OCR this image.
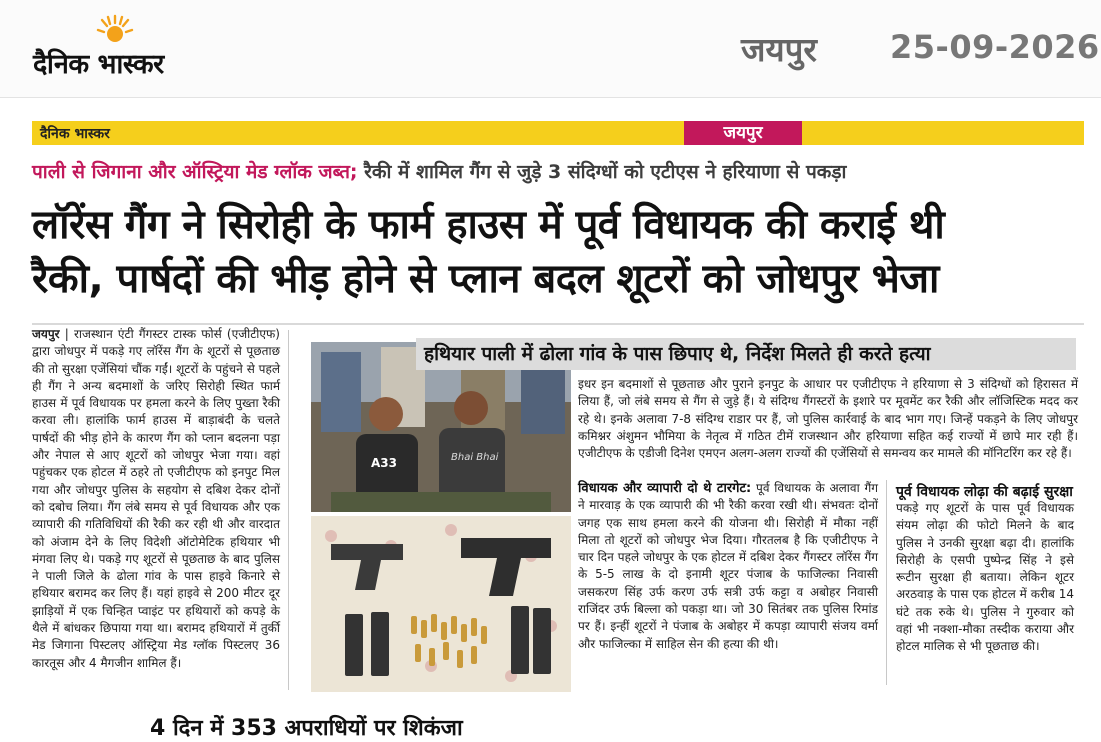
दैनिक भास्कर	जयपुर 25-09-2026
दैनिक भास्कर	जयपुर
पाली से जिगाना और ऑस्ट्रिया मेड ग्लॉक जब्त; रैकी में शामिल गैंग से जुड़े 3 संदिग्धों को एटीएस ने हरियाणा से पकड़ा
लॉरेंस गैंग ने सिरोही के फार्म हाउस में पूर्व विधायक की कराई थी
रैकी, पार्षदों की भीड़ होने से प्लान बदल शूटरों को जोधपुर भेजा
जयपुर | राजस्थान एंटी गैंगस्टर टास्क फोर्स (एजीटीएफ) द्वारा जोधपुर में पकड़े गए लॉरेंस गैंग के शूटरों से पूछताछ की तो सुरक्षा एजेंसियां चौंक गईं। शूटरों के पहुंचने से पहले ही गैंग ने अन्य बदमाशों के जरिए सिरोही स्थित फार्म हाउस में पूर्व विधायक पर हमला करने के लिए पुख्ता रैकी करवा ली। हालांकि फार्म हाउस में बाड़ाबंदी के चलते पार्षदों की भीड़ होने के कारण गैंग को प्लान बदलना पड़ा और नेपाल से आए शूटरों को जोधपुर भेजा गया। वहां पहुंचकर एक होटल में ठहरे तो एजीटीएफ को इनपुट मिल गया और जोधपुर पुलिस के सहयोग से दबिश देकर दोनों को दबोच लिया। गैंग लंबे समय से पूर्व विधायक और एक व्यापारी की गतिविधियों की रैकी कर रही थी और वारदात को अंजाम देने के लिए विदेशी ऑटोमेटिक हथियार भी मंगवा लिए थे। पकड़े गए शूटरों से पूछताछ के बाद पुलिस ने पाली जिले के ढोला गांव के पास हाइवे किनारे से हथियार बरामद कर लिए हैं। यहां हाइवे से 200 मीटर दूर झाड़ियों में एक चिन्हित प्वाइंट पर हथियारों को कपड़े के थैले में बांधकर छिपाया गया था। बरामद हथियारों में तुर्की मेड जिगाना पिस्टलए ऑस्ट्रिया मेड ग्लॉक पिस्टलए 36 कारतूस और 4 मैगजीन शामिल हैं।
A33	Bhai Bhai
हथियार पाली में ढोला गांव के पास छिपाए थे, निर्देश मिलते ही करते हत्या
इधर इन बदमाशों से पूछताछ और पुराने इनपुट के आधार पर एजीटीएफ ने हरियाणा से 3 संदिग्धों को हिरासत में लिया हैं, जो लंबे समय से गैंग से जुड़े हैं। ये संदिग्ध गैंगस्टरों के इशारे पर मूवमेंट कर रैकी और लॉजिस्टिक मदद कर रहे थे। इनके अलावा 7-8 संदिग्ध राडार पर हैं, जो पुलिस कार्रवाई के बाद भाग गए। जिन्हें पकड़ने के लिए जोधपुर कमिश्नर अंशुमन भौमिया के नेतृत्व में गठित टीमें राजस्थान और हरियाणा सहित कई राज्यों में छापे मार रही हैं। एजीटीएफ के एडीजी दिनेश एमएन अलग-अलग राज्यों की एजेंसियों से समन्वय कर मामले की मॉनिटरिंग कर रहे हैं।
विधायक और व्यापारी दो थे टारगेट: पूर्व विधायक के अलावा गैंग ने मारवाड़ के एक व्यापारी की भी रैकी करवा रखी थी। संभवतः दोनों जगह एक साथ हमला करने की योजना थी। सिरोही में मौका नहीं मिला तो शूटरों को जोधपुर भेज दिया। गौरतलब है कि एजीटीएफ ने चार दिन पहले जोधपुर के एक होटल में दबिश देकर गैंगस्टर लॉरेंस गैंग के 5-5 लाख के दो इनामी शूटर पंजाब के फाजिल्का निवासी जसकरण सिंह उर्फ करण उर्फ सत्री उर्फ कट्टा व अबोहर निवासी राजिंदर उर्फ बिल्ला को पकड़ा था। जो 30 सितंबर तक पुलिस रिमांड पर हैं। इन्हीं शूटरों ने पंजाब के अबोहर में कपड़ा व्यापारी संजय वर्मा और फाजिल्का में साहिल सेन की हत्या की थी।
पूर्व विधायक लोढ़ा की बढ़ाई सुरक्षा
पकड़े गए शूटरों के पास पूर्व विधायक संयम लोढ़ा की फोटो मिलने के बाद पुलिस ने उनकी सुरक्षा बढ़ा दी। हालांकि सिरोही के एसपी पुष्पेन्द्र सिंह ने इसे रूटीन सुरक्षा ही बताया। लेकिन शूटर अरठवाड़ के पास एक होटल में करीब 14 घंटे तक रुके थे। पुलिस ने गुरुवार को वहां भी नक्शा-मौका तस्दीक कराया और होटल मालिक से भी पूछताछ की।
4 दिन में 353 अपराधियों पर शिकंजा
